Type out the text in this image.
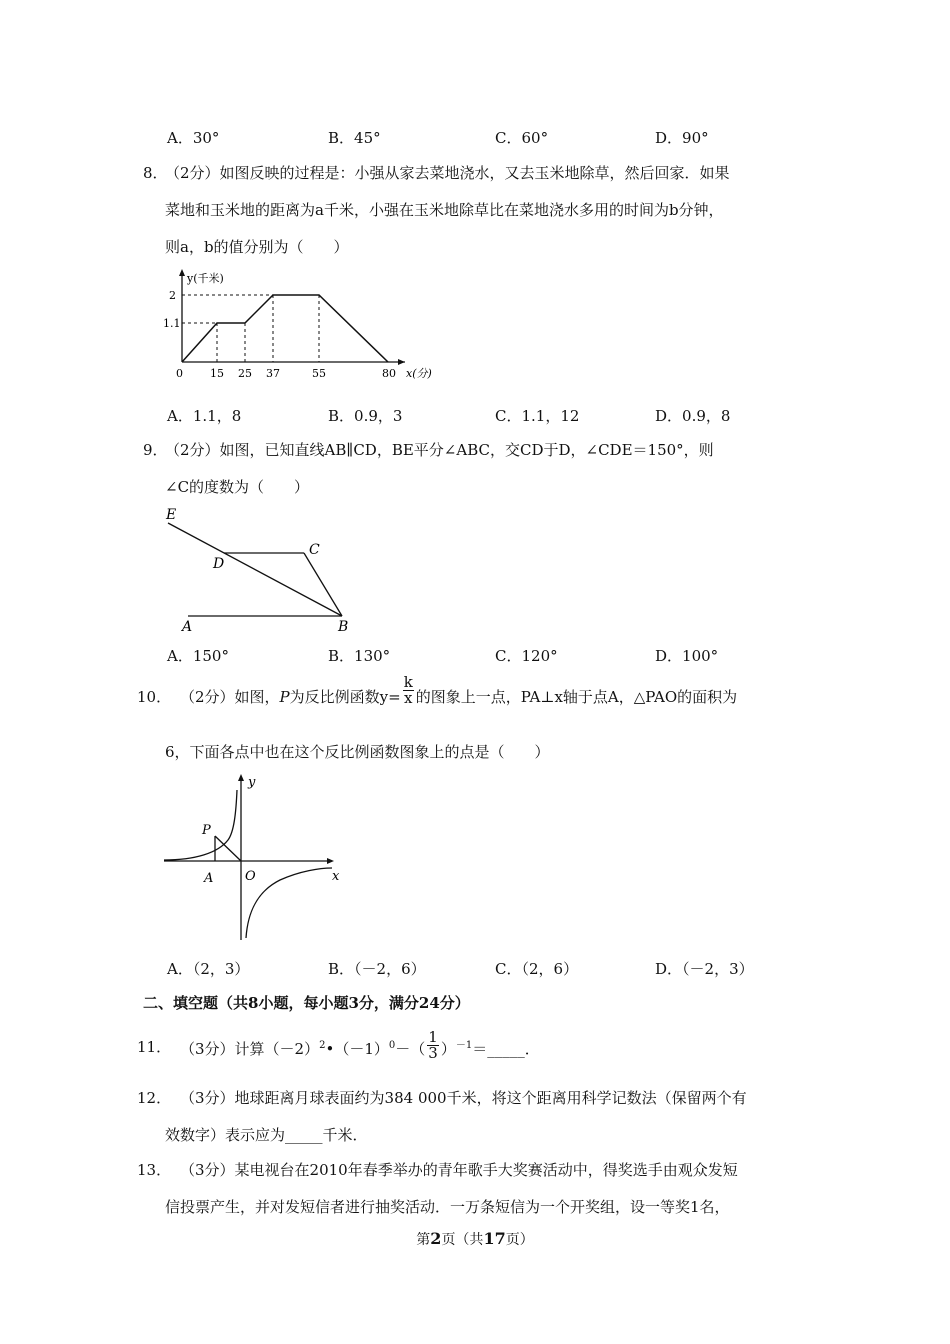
A．30°	B．45°	C．60°	D．90°
8．
（2分）如图反映的过程是：小强从家去菜地浇水，又去玉米地除草，然后回家．如果
菜地和玉米地的距离为a千米，小强在玉米地除草比在菜地浇水多用的时间为b分钟，
则a，b的值分别为（　　）
y(千米)
x(分)
2
1.1
0 15 25 37	55	80
A．1.1，8	B．0.9，3	C．1.1，12	D．0.9，8
9．
（2分）如图，已知直线AB∥CD，BE平分∠ABC，交CD于D，∠CDE＝150°，则
∠C的度数为（　　）
E
C
D
A	B
A．150°	B．130°	C．120°	D．100°
10． （2分）如图，P为反比例函数$y= \frac{k}{x}$ 的图象上一点，PA⊥x轴于点A，△PAO的面积为
6，下面各点中也在这个反比例函数图象上的点是（　　）
P
A O	x
y
A．（2，3）	B．（－2，6）	C．（2，6）	D．（－2，3）
二、填空题（共8小题，每小题3分，满分24分）
11． （3分）计算$(-2)^2•(-1)^0-( \frac{1}{3}$ ）$^{-1}$＝_____．
12． （3分）地球距离月球表面约为384 000千米，将这个距离用科学记数法（保留两个有
效数字）表示应为_____千米．
13． （3分）某电视台在2010年春季举办的青年歌手大奖赛活动中，得奖选手由观众发短
信投票产生，并对发短信者进行抽奖活动．一万条短信为一个开奖组，设一等奖1名，
第2页（共17页）
